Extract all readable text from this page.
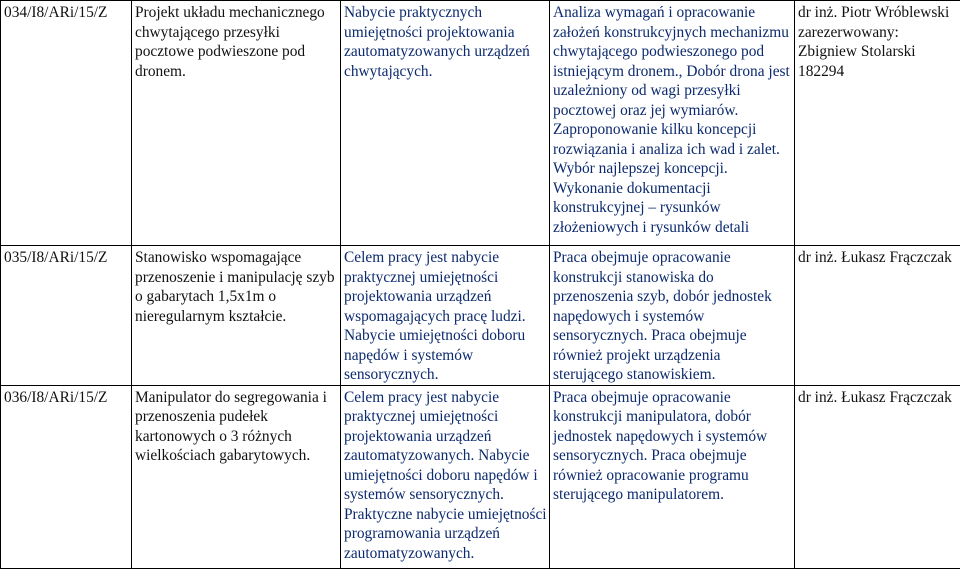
034/I8/ARi/15/Z	Projekt układu mechanicznego chwytającego przesyłki pocztowe podwieszone pod dronem.	Nabycie praktycznych umiejętności projektowania zautomatyzowanych urządzeń chwytających.	Analiza wymagań i opracowanie założeń konstrukcyjnych mechanizmu chwytającego podwieszonego pod istniejącym dronem., Dobór drona jest uzależniony od wagi przesyłki pocztowej oraz jej wymiarów. Zaproponowanie kilku koncepcji rozwiązania i analiza ich wad i zalet. Wybór najlepszej koncepcji. Wykonanie dokumentacji konstrukcyjnej – rysunków złożeniowych i rysunków detali	dr inż. Piotr Wróblewski zarezerwowany: Zbigniew Stolarski 182294

035/I8/ARi/15/Z	Stanowisko wspomagające przenoszenie i manipulację szyb o gabarytach 1,5x1m o nieregularnym kształcie.	Celem pracy jest nabycie praktycznej umiejętności projektowania urządzeń wspomagających pracę ludzi. Nabycie umiejętności doboru napędów i systemów sensorycznych.	Praca obejmuje opracowanie konstrukcji stanowiska do przenoszenia szyb, dobór jednostek napędowych i systemów sensorycznych. Praca obejmuje również projekt urządzenia sterującego stanowiskiem.	dr inż. Łukasz Frączczak

036/I8/ARi/15/Z	Manipulator do segregowania i przenoszenia pudełek kartonowych o 3 różnych wielkościach gabarytowych.	Celem pracy jest nabycie praktycznej umiejętności projektowania urządzeń zautomatyzowanych. Nabycie umiejętności doboru napędów i systemów sensorycznych. Praktyczne nabycie umiejętności programowania urządzeń zautomatyzowanych.	Praca obejmuje opracowanie konstrukcji manipulatora, dobór jednostek napędowych i systemów sensorycznych. Praca obejmuje również opracowanie programu sterującego manipulatorem.	dr inż. Łukasz Frączczak
